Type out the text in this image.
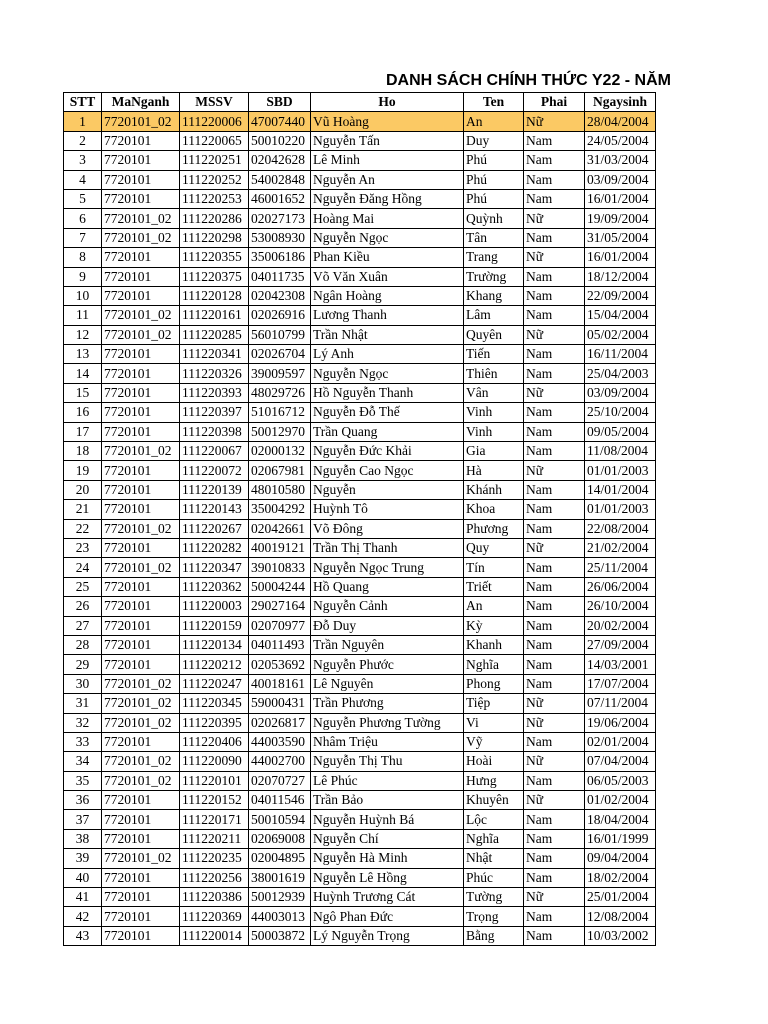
DANH SÁCH CHÍNH THỨC Y22 - NĂM
STT	MaNganh	MSSV	SBD	Ho	Ten	Phai	Ngaysinh
1	7720101_02	111220006	47007440	Vũ Hoàng	An	Nữ	28/04/2004
2	7720101	111220065	50010220	Nguyễn Tấn	Duy	Nam	24/05/2004
3	7720101	111220251	02042628	Lê Minh	Phú	Nam	31/03/2004
4	7720101	111220252	54002848	Nguyễn An	Phú	Nam	03/09/2004
5	7720101	111220253	46001652	Nguyễn Đăng Hồng	Phú	Nam	16/01/2004
6	7720101_02	111220286	02027173	Hoàng Mai	Quỳnh	Nữ	19/09/2004
7	7720101_02	111220298	53008930	Nguyễn Ngọc	Tân	Nam	31/05/2004
8	7720101	111220355	35006186	Phan Kiều	Trang	Nữ	16/01/2004
9	7720101	111220375	04011735	Võ Văn Xuân	Trường	Nam	18/12/2004
10	7720101	111220128	02042308	Ngân Hoàng	Khang	Nam	22/09/2004
11	7720101_02	111220161	02026916	Lương Thanh	Lâm	Nam	15/04/2004
12	7720101_02	111220285	56010799	Trần Nhật	Quyên	Nữ	05/02/2004
13	7720101	111220341	02026704	Lý Anh	Tiến	Nam	16/11/2004
14	7720101	111220326	39009597	Nguyễn Ngọc	Thiên	Nam	25/04/2003
15	7720101	111220393	48029726	Hồ Nguyễn Thanh	Vân	Nữ	03/09/2004
16	7720101	111220397	51016712	Nguyễn Đỗ Thế	Vinh	Nam	25/10/2004
17	7720101	111220398	50012970	Trần Quang	Vinh	Nam	09/05/2004
18	7720101_02	111220067	02000132	Nguyễn Đức Khải	Gia	Nam	11/08/2004
19	7720101	111220072	02067981	Nguyễn Cao Ngọc	Hà	Nữ	01/01/2003
20	7720101	111220139	48010580	Nguyễn	Khánh	Nam	14/01/2004
21	7720101	111220143	35004292	Huỳnh Tô	Khoa	Nam	01/01/2003
22	7720101_02	111220267	02042661	Võ Đông	Phương	Nam	22/08/2004
23	7720101	111220282	40019121	Trần Thị Thanh	Quy	Nữ	21/02/2004
24	7720101_02	111220347	39010833	Nguyễn Ngọc Trung	Tín	Nam	25/11/2004
25	7720101	111220362	50004244	Hồ Quang	Triết	Nam	26/06/2004
26	7720101	111220003	29027164	Nguyễn Cảnh	An	Nam	26/10/2004
27	7720101	111220159	02070977	Đỗ Duy	Kỳ	Nam	20/02/2004
28	7720101	111220134	04011493	Trần Nguyên	Khanh	Nam	27/09/2004
29	7720101	111220212	02053692	Nguyễn Phước	Nghĩa	Nam	14/03/2001
30	7720101_02	111220247	40018161	Lê Nguyên	Phong	Nam	17/07/2004
31	7720101_02	111220345	59000431	Trần Phương	Tiệp	Nữ	07/11/2004
32	7720101_02	111220395	02026817	Nguyễn Phương Tường	Vi	Nữ	19/06/2004
33	7720101	111220406	44003590	Nhâm Triệu	Vỹ	Nam	02/01/2004
34	7720101_02	111220090	44002700	Nguyễn Thị Thu	Hoài	Nữ	07/04/2004
35	7720101_02	111220101	02070727	Lê Phúc	Hưng	Nam	06/05/2003
36	7720101	111220152	04011546	Trần Bảo	Khuyên	Nữ	01/02/2004
37	7720101	111220171	50010594	Nguyễn Huỳnh Bá	Lộc	Nam	18/04/2004
38	7720101	111220211	02069008	Nguyễn Chí	Nghĩa	Nam	16/01/1999
39	7720101_02	111220235	02004895	Nguyễn Hà Minh	Nhật	Nam	09/04/2004
40	7720101	111220256	38001619	Nguyễn Lê Hồng	Phúc	Nam	18/02/2004
41	7720101	111220386	50012939	Huỳnh Trương Cát	Tường	Nữ	25/01/2004
42	7720101	111220369	44003013	Ngô Phan Đức	Trọng	Nam	12/08/2004
43	7720101	111220014	50003872	Lý Nguyễn Trọng	Bằng	Nam	10/03/2002
